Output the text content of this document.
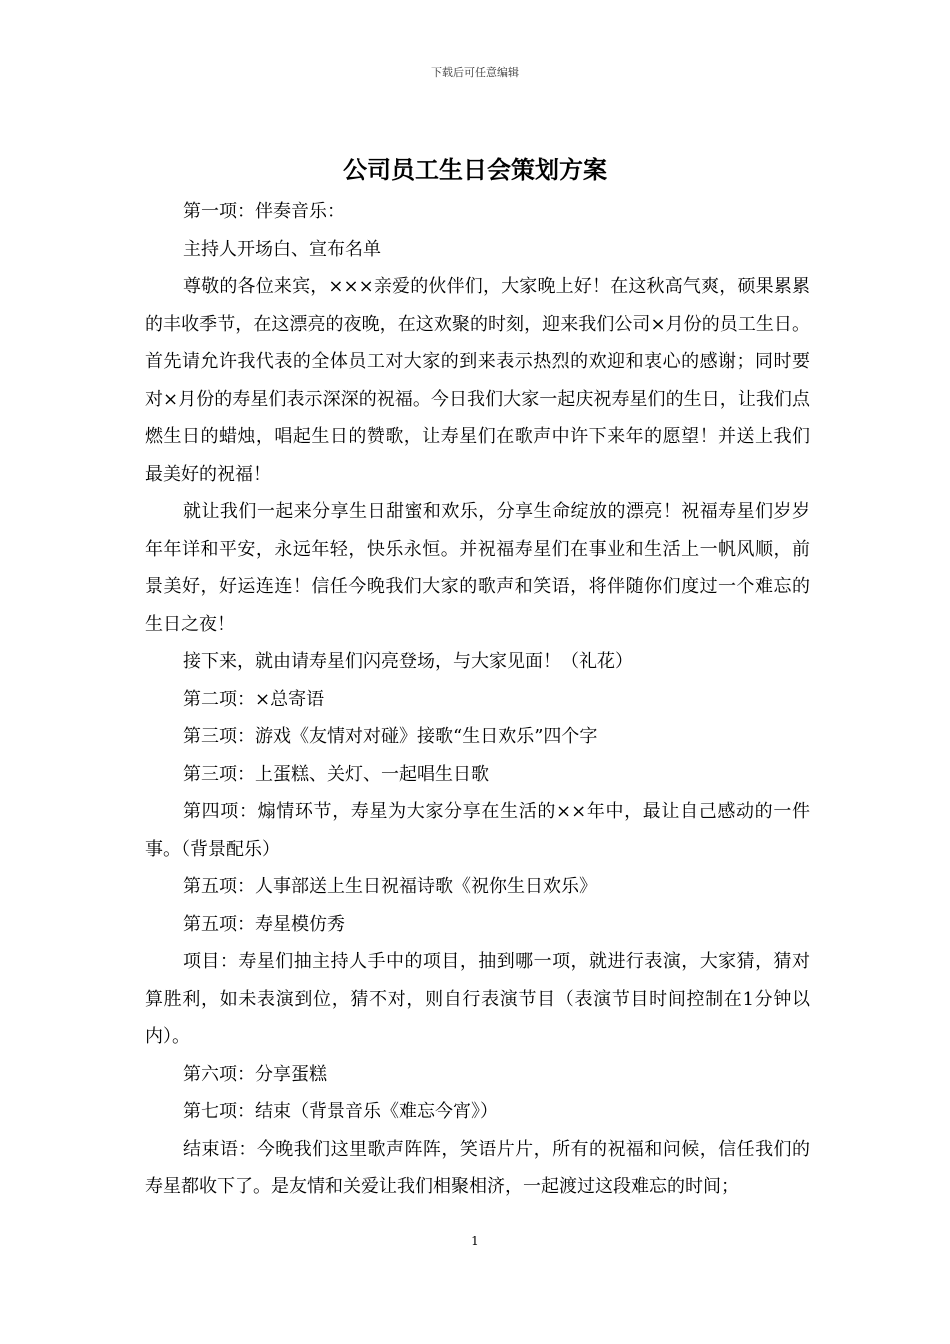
下载后可任意编辑
公司员工生日会策划方案

第一项：伴奏音乐：

主持人开场白、宣布名单

尊敬的各位来宾，×××亲爱的伙伴们，大家晚上好！在这秋高气爽，硕果累累的丰收季节，在这漂亮的夜晚，在这欢聚的时刻，迎来我们公司×月份的员工生日。首先请允许我代表的全体员工对大家的到来表示热烈的欢迎和衷心的感谢；同时要对×月份的寿星们表示深深的祝福。今日我们大家一起庆祝寿星们的生日，让我们点燃生日的蜡烛，唱起生日的赞歌，让寿星们在歌声中许下来年的愿望！并送上我们最美好的祝福！

就让我们一起来分享生日甜蜜和欢乐，分享生命绽放的漂亮！祝福寿星们岁岁年年详和平安，永远年轻，快乐永恒。并祝福寿星们在事业和生活上一帆风顺，前景美好，好运连连！信任今晚我们大家的歌声和笑语，将伴随你们度过一个难忘的生日之夜！

接下来，就由请寿星们闪亮登场，与大家见面！（礼花）

第二项：×总寄语

第三项：游戏《友情对对碰》接歌“生日欢乐”四个字

第三项：上蛋糕、关灯、一起唱生日歌

第四项：煽情环节，寿星为大家分享在生活的××年中，最让自己感动的一件事。（背景配乐）

第五项：人事部送上生日祝福诗歌《祝你生日欢乐》

第五项：寿星模仿秀

项目：寿星们抽主持人手中的项目，抽到哪一项，就进行表演，大家猜，猜对算胜利，如未表演到位，猜不对，则自行表演节目（表演节目时间控制在1分钟以内）。

第六项：分享蛋糕

第七项：结束（背景音乐《难忘今宵》）

结束语：今晚我们这里歌声阵阵，笑语片片，所有的祝福和问候，信任我们的寿星都收下了。是友情和关爱让我们相聚相济，一起渡过这段难忘的时间；

1
